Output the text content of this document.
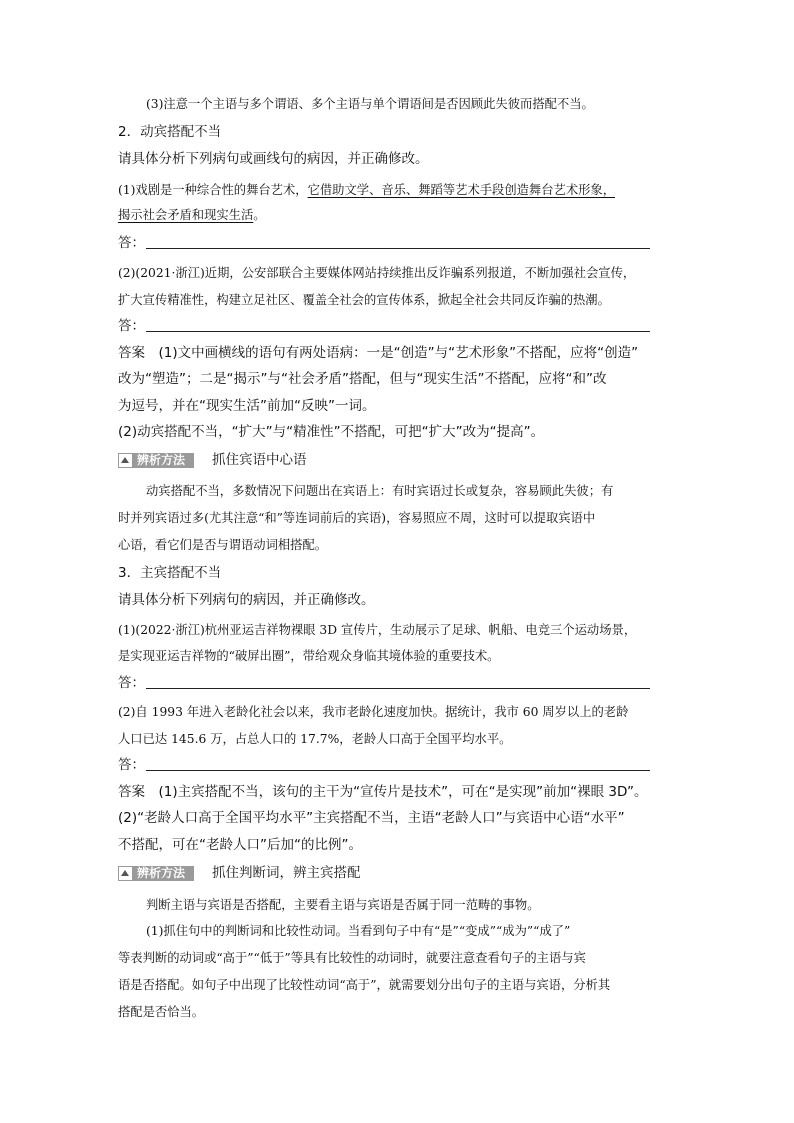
(3)注意一个主语与多个谓语、多个主语与单个谓语间是否因顾此失彼而搭配不当。
2．动宾搭配不当
请具体分析下列病句或画线句的病因，并正确修改。
(1)戏剧是一种综合性的舞台艺术，它借助文学、音乐、舞蹈等艺术手段创造舞台艺术形象，
揭示社会矛盾和现实生活。
答：
(2)(2021·浙江)近期，公安部联合主要媒体网站持续推出反诈骗系列报道，不断加强社会宣传，
扩大宣传精准性，构建立足社区、覆盖全社会的宣传体系，掀起全社会共同反诈骗的热潮。
答：
答案　(1)文中画横线的语句有两处语病：一是“创造”与“艺术形象”不搭配，应将“创造”
改为“塑造”；二是“揭示”与“社会矛盾”搭配，但与“现实生活”不搭配，应将“和”改
为逗号，并在“现实生活”前加“反映”一词。
(2)动宾搭配不当，“扩大”与“精准性”不搭配，可把“扩大”改为“提高”。
辨析方法 抓住宾语中心语
动宾搭配不当，多数情况下问题出在宾语上：有时宾语过长或复杂，容易顾此失彼；有
时并列宾语过多(尤其注意“和”等连词前后的宾语)，容易照应不周，这时可以提取宾语中
心语，看它们是否与谓语动词相搭配。
3．主宾搭配不当
请具体分析下列病句的病因，并正确修改。
(1)(2022·浙江)杭州亚运吉祥物裸眼 3D 宣传片，生动展示了足球、帆船、电竞三个运动场景，
是实现亚运吉祥物的“破屏出圈”，带给观众身临其境体验的重要技术。
答：
(2)自 1993 年进入老龄化社会以来，我市老龄化速度加快。据统计，我市 60 周岁以上的老龄
人口已达 145.6 万，占总人口的 17.7%，老龄人口高于全国平均水平。
答：
答案　(1)主宾搭配不当，该句的主干为“宣传片是技术”，可在“是实现”前加“裸眼 3D”。
(2)“老龄人口高于全国平均水平”主宾搭配不当，主语“老龄人口”与宾语中心语“水平”
不搭配，可在“老龄人口”后加“的比例”。
辨析方法 抓住判断词，辨主宾搭配
判断主语与宾语是否搭配，主要看主语与宾语是否属于同一范畴的事物。
(1)抓住句中的判断词和比较性动词。当看到句子中有“是”“变成”“成为”“成了”
等表判断的动词或“高于”“低于”等具有比较性的动词时，就要注意查看句子的主语与宾
语是否搭配。如句子中出现了比较性动词“高于”，就需要划分出句子的主语与宾语，分析其
搭配是否恰当。
